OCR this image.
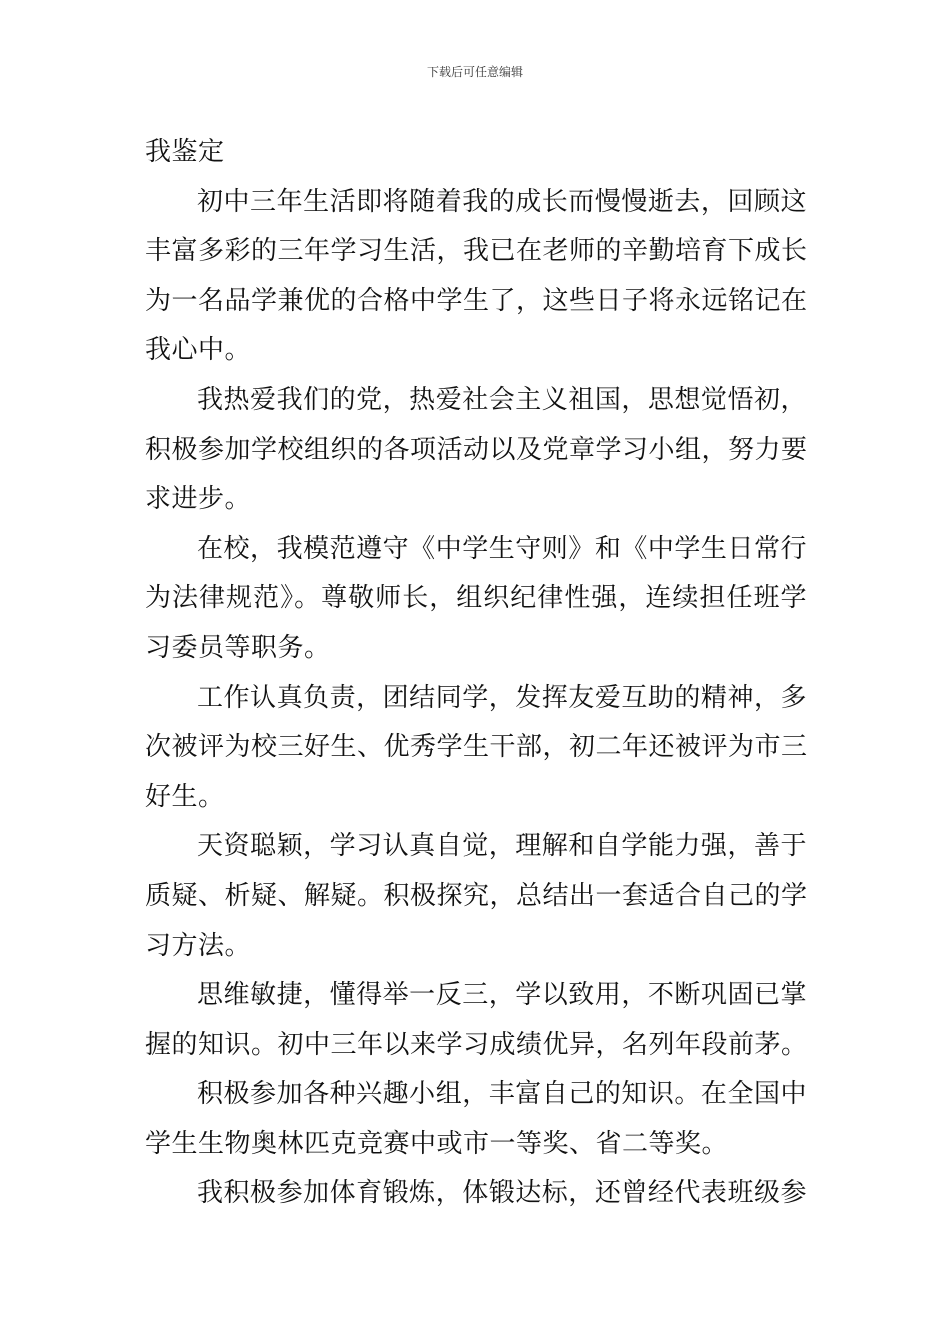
下载后可任意编辑
我鉴定
初中三年生活即将随着我的成长而慢慢逝去，回顾这
丰富多彩的三年学习生活，我已在老师的辛勤培育下成长
为一名品学兼优的合格中学生了，这些日子将永远铭记在
我心中。
我热爱我们的党，热爱社会主义祖国，思想觉悟初，
积极参加学校组织的各项活动以及党章学习小组，努力要
求进步。
在校，我模范遵守《中学生守则》和《中学生日常行
为法律规范》。尊敬师长，组织纪律性强，连续担任班学
习委员等职务。
工作认真负责，团结同学，发挥友爱互助的精神，多
次被评为校三好生、优秀学生干部，初二年还被评为市三
好生。
天资聪颖，学习认真自觉，理解和自学能力强，善于
质疑、析疑、解疑。积极探究，总结出一套适合自己的学
习方法。
思维敏捷，懂得举一反三，学以致用，不断巩固已掌
握的知识。初中三年以来学习成绩优异，名列年段前茅。
积极参加各种兴趣小组，丰富自己的知识。在全国中
学生生物奥林匹克竞赛中或市一等奖、省二等奖。
我积极参加体育锻炼，体锻达标，还曾经代表班级参
